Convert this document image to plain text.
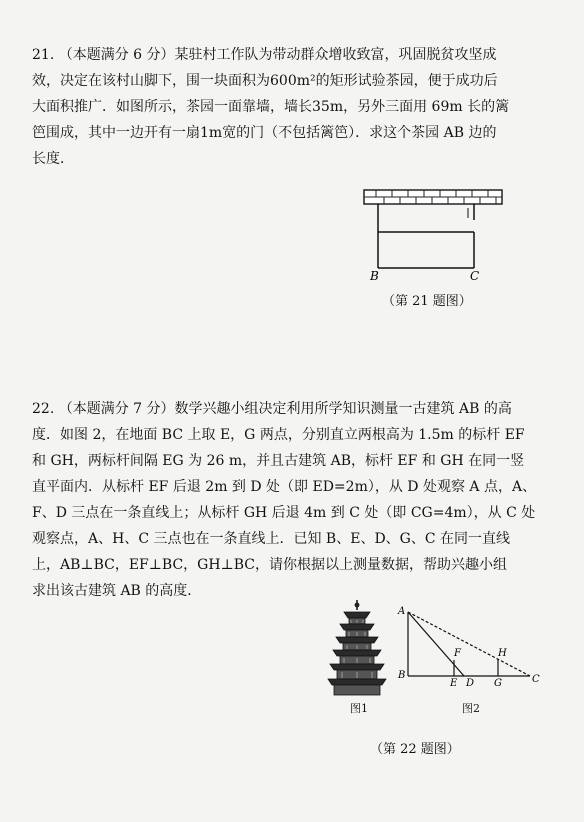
21. （本题满分 6 分）某驻村工作队为带动群众增收致富，巩固脱贫攻坚成
效，决定在该村山脚下，围一块面积为600m²的矩形试验茶园，便于成功后
大面积推广．如图所示，茶园一面靠墙，墙长35m，另外三面用 69m 长的篱
笆围成，其中一边开有一扇1m宽的门（不包括篱笆）．求这个茶园 AB 边的
长度．
B	C
（第 21 题图）
22. （本题满分 7 分）数学兴趣小组决定利用所学知识测量一古建筑 AB 的高
度．如图 2，在地面 BC 上取 E，G 两点，分别直立两根高为 1.5m 的标杆 EF
和 GH，两标杆间隔 EG 为 26 m，并且古建筑 AB，标杆 EF 和 GH 在同一竖
直平面内．从标杆 EF 后退 2m 到 D 处（即 ED=2m），从 D 处观察 A 点，A、
F、D 三点在一条直线上；从标杆 GH 后退 4m 到 C 处（即 CG=4m），从 C 处
观察点，A、H、C 三点也在一条直线上．已知 B、E、D、G、C 在同一直线
上，AB⊥BC，EF⊥BC，GH⊥BC，请你根据以上测量数据，帮助兴趣小组
求出该古建筑 AB 的高度．
图1
A
B
F	H
E D G	C
图2
（第 22 题图）
